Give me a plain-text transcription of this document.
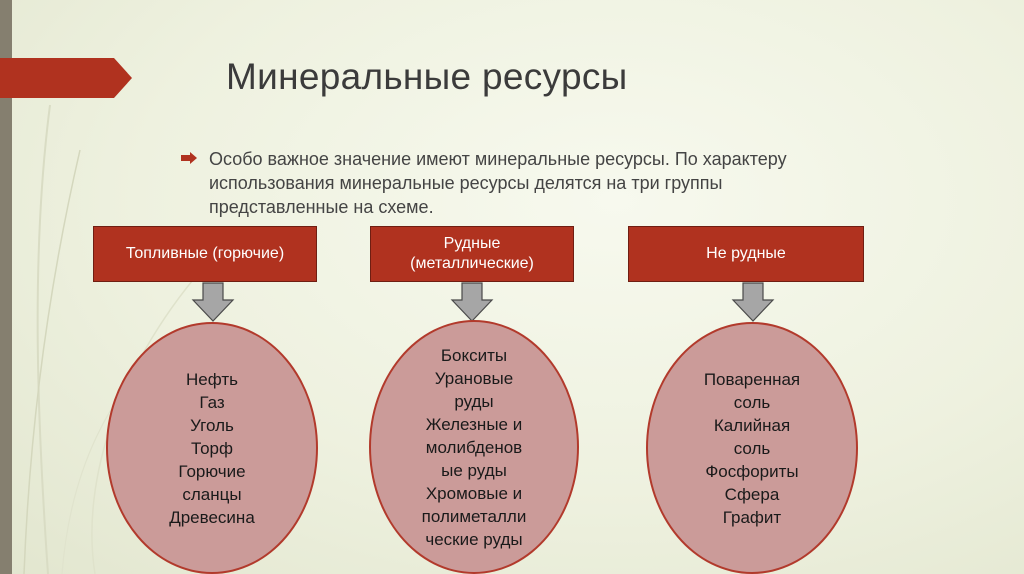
Минеральные ресурсы

Особо важное значение имеют минеральные ресурсы. По характеру
использования минеральные ресурсы делятся на три группы
представленные на схеме.

Топливные (горючие)
Нефть
Газ
Уголь
Торф
Горючие
сланцы
Древесина
Рудные
(металлические)
Бокситы
Урановые
руды
Железные и
молибденов
ые руды
Хромовые и
полиметалли
ческие руды
Не рудные
Поваренная
соль
Калийная
соль
Фосфориты
Сфера
Графит
